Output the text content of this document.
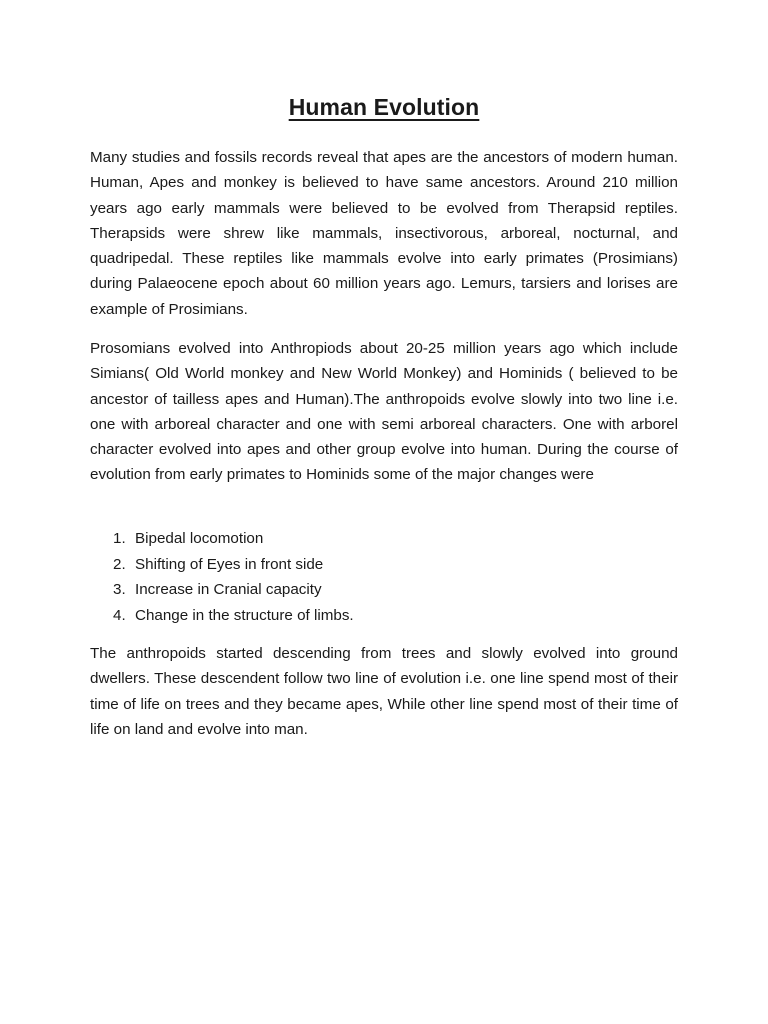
Human Evolution

Many studies and fossils records reveal that apes are the ancestors of modern human. Human, Apes and monkey is believed to have same ancestors. Around 210 million years ago early mammals were believed to be evolved from Therapsid reptiles. Therapsids were shrew like mammals, insectivorous, arboreal, nocturnal, and quadripedal. These reptiles like mammals evolve into early primates (Prosimians) during Palaeocene epoch about 60 million years ago. Lemurs, tarsiers and lorises are example of Prosimians.

Prosomians evolved into Anthropiods about 20-25 million years ago which include Simians( Old World monkey and New World Monkey) and Hominids ( believed to be ancestor of tailless apes and Human).The anthropoids evolve slowly into two line i.e. one with arboreal character and one with semi arboreal characters. One with arborel character evolved into apes and other group evolve into human. During the course of evolution from early primates to Hominids some of the major changes were

1. Bipedal locomotion
2. Shifting of Eyes in front side
3. Increase in Cranial capacity
4. Change in the structure of limbs.

The anthropoids started descending from trees and slowly evolved into ground dwellers. These descendent follow two line of evolution i.e. one line spend most of their time of life on trees and they became apes, While other line spend most of their time of life on land and evolve into man.
